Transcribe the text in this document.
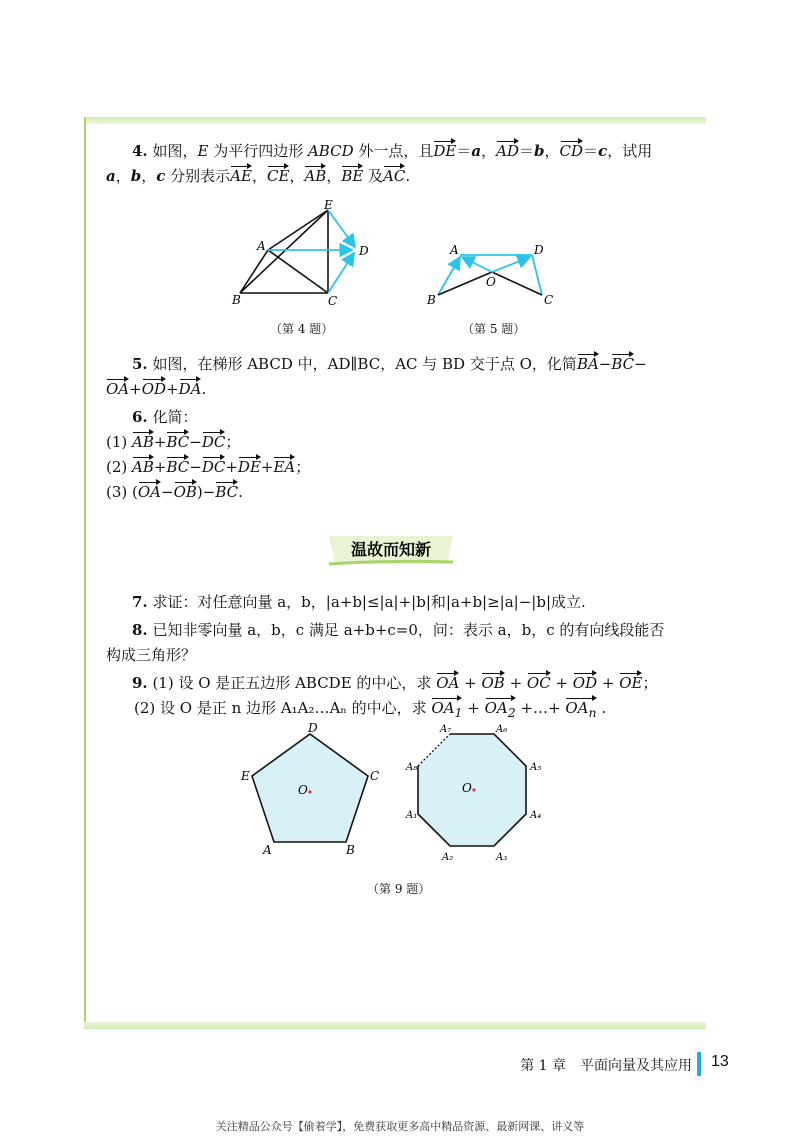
4. 如图，E 为平行四边形 ABCD 外一点，且DE＝a，AD＝b，CD＝c，试用
a，b，c 分别表示AE，CE，AB，BE 及AC.
E
A	D
B	C
（第 4 题）
A	D
O
B	C
（第 5 题）
5. 如图，在梯形 ABCD 中，AD∥BC，AC 与 BD 交于点 O，化简BA−BC−
OA+OD+DA.
6. 化简：
(1) AB+BC−DC；
(2) AB+BC−DC+DE+EA；
(3) (OA−OB)−BC.
温故而知新
7. 求证：对任意向量 a，b，|a+b|≤|a|+|b|和|a+b|≥|a|−|b|成立.
8. 已知非零向量 a，b，c 满足 a+b+c=0，问：表示 a，b，c 的有向线段能否
构成三角形？
9. (1) 设 O 是正五边形 ABCDE 的中心，求 OA + OB + OC + OD + OE；
(2) 设 O 是正 n 边形 A₁A₂…Aₙ 的中心，求 $OA_1 + OA_2$ +…+ $OA_n$ .
D
E	C
A	B
O
A₇	A₆
A₈	A₅
A₁	A₄
A₂	A₃
O
（第 9 题）
第 1 章　平面向量及其应用 13
关注精品公众号【偷着学】，免费获取更多高中精品资源、最新网课、讲义等
